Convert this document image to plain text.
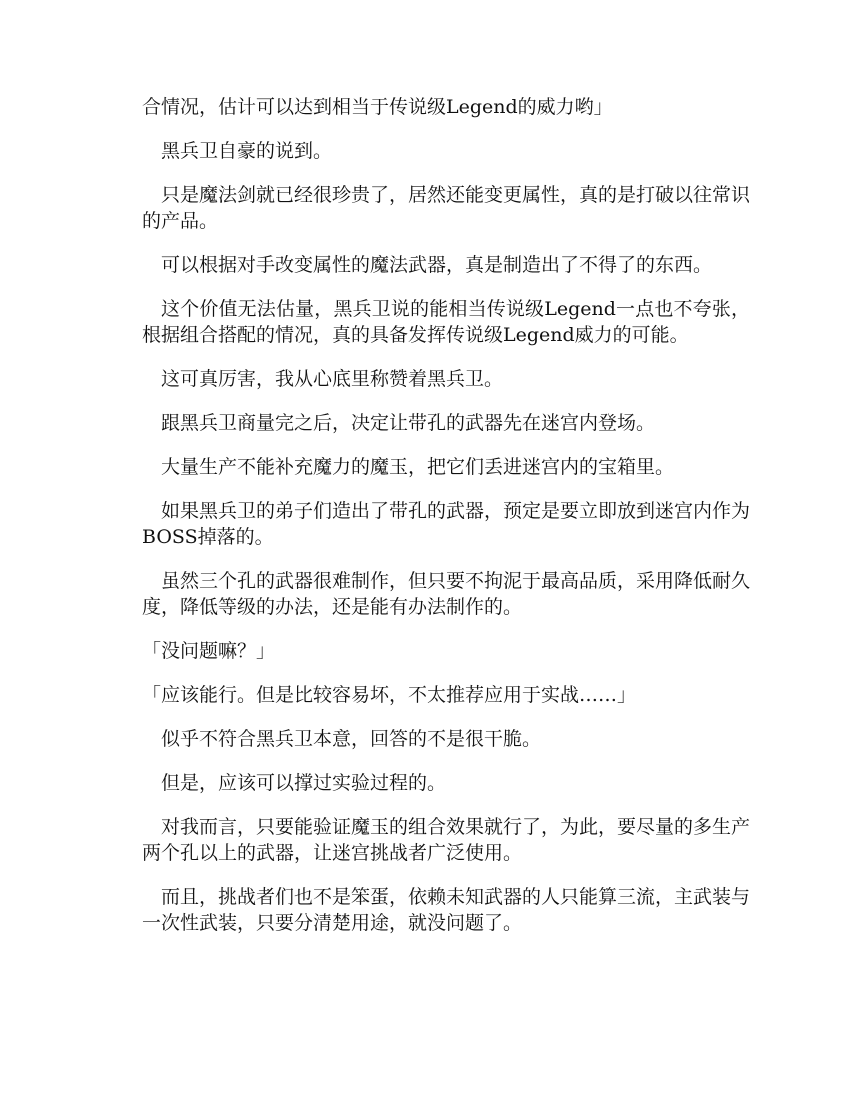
合情况，估计可以达到相当于传说级Legend的威力哟」

黑兵卫自豪的说到。

只是魔法剑就已经很珍贵了，居然还能变更属性，真的是打破以往常识的产品。

可以根据对手改变属性的魔法武器，真是制造出了不得了的东西。

这个价值无法估量，黑兵卫说的能相当传说级Legend一点也不夸张，根据组合搭配的情况，真的具备发挥传说级Legend威力的可能。

这可真厉害，我从心底里称赞着黑兵卫。

跟黑兵卫商量完之后，决定让带孔的武器先在迷宫内登场。

大量生产不能补充魔力的魔玉，把它们丢进迷宫内的宝箱里。

如果黑兵卫的弟子们造出了带孔的武器，预定是要立即放到迷宫内作为BOSS掉落的。

虽然三个孔的武器很难制作，但只要不拘泥于最高品质，采用降低耐久度，降低等级的办法，还是能有办法制作的。

「没问题嘛？」

「应该能行。但是比较容易坏，不太推荐应用于实战……」

似乎不符合黑兵卫本意，回答的不是很干脆。

但是，应该可以撑过实验过程的。

对我而言，只要能验证魔玉的组合效果就行了，为此，要尽量的多生产两个孔以上的武器，让迷宫挑战者广泛使用。

而且，挑战者们也不是笨蛋，依赖未知武器的人只能算三流，主武装与一次性武装，只要分清楚用途，就没问题了。
